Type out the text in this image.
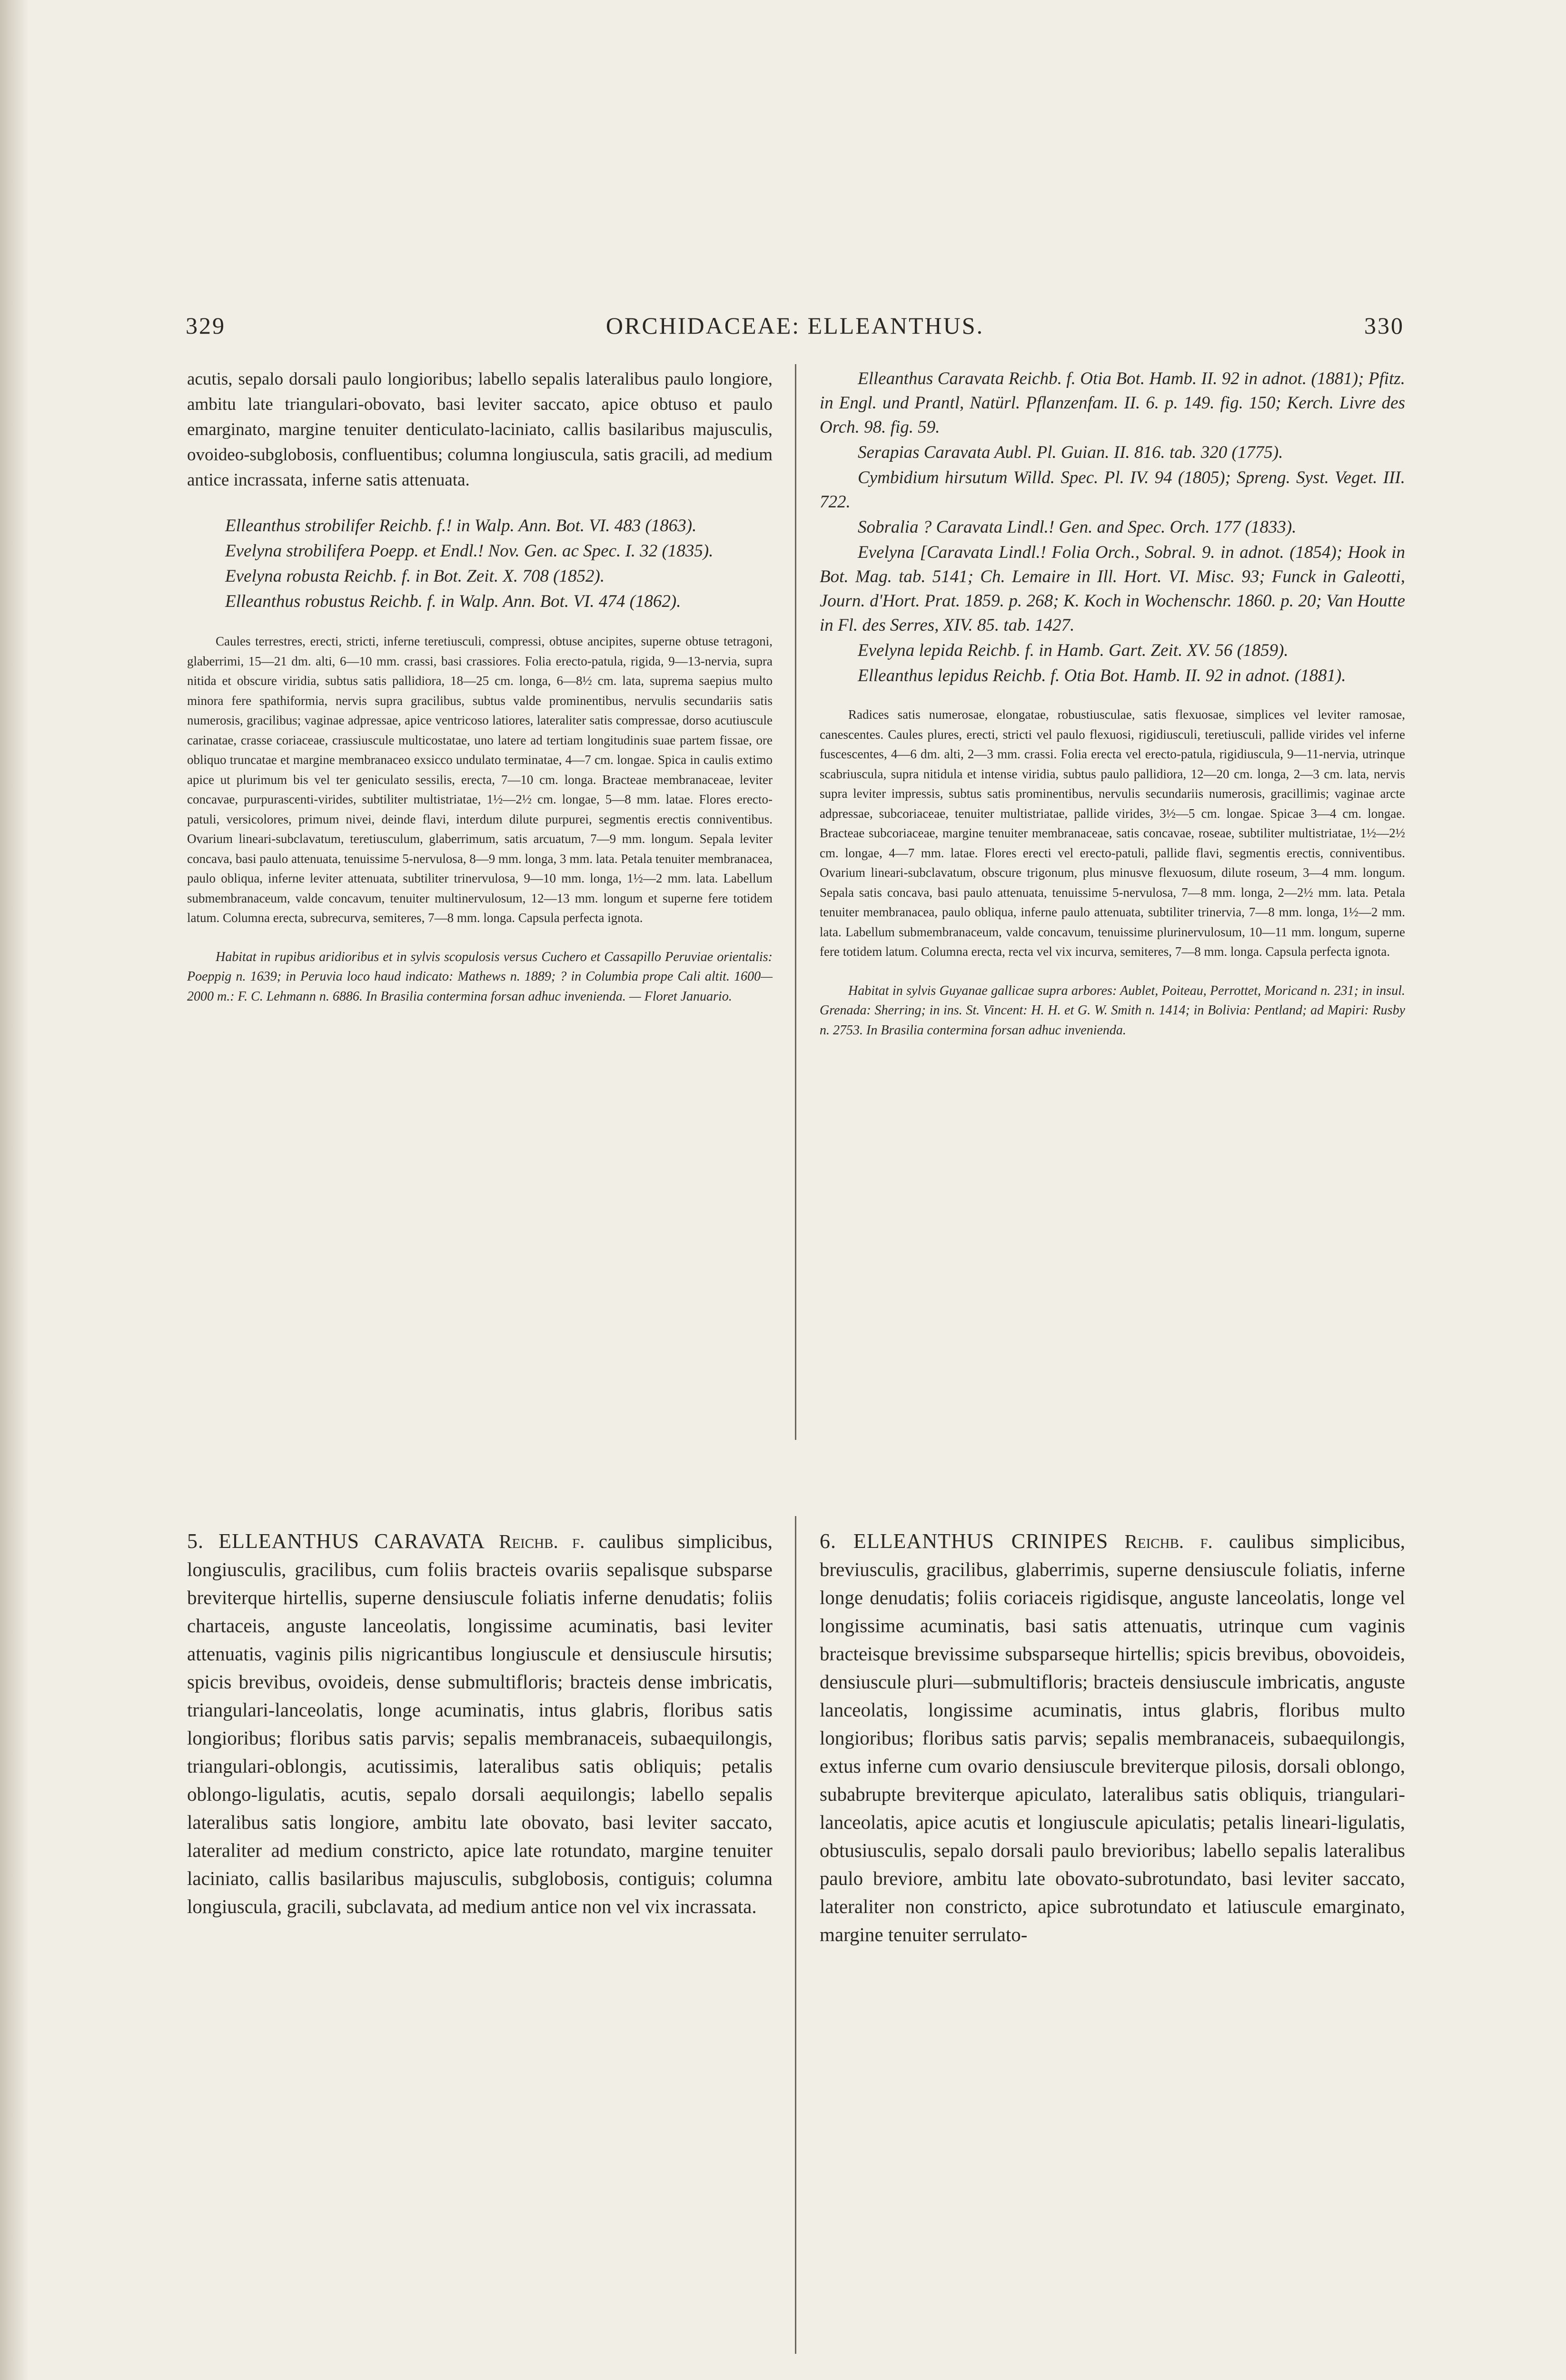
329	ORCHIDACEAE: ELLEANTHUS.	330

acutis, sepalo dorsali paulo longioribus; labello sepalis lateralibus paulo longiore, ambitu late triangulari-obovato, basi leviter saccato, apice obtuso et paulo emarginato, margine tenuiter denticulato-laciniato, callis basilaribus majusculis, ovoideo-subglobosis, confluentibus; columna longiuscula, satis gracili, ad medium antice incrassata, inferne satis attenuata.

Elleanthus strobilifer Reichb. f.! in Walp. Ann. Bot. VI. 483 (1863).

Evelyna strobilifera Poepp. et Endl.! Nov. Gen. ac Spec. I. 32 (1835).

Evelyna robusta Reichb. f. in Bot. Zeit. X. 708 (1852).

Elleanthus robustus Reichb. f. in Walp. Ann. Bot. VI. 474 (1862).

Caules terrestres, erecti, stricti, inferne teretiusculi, compressi, obtuse ancipites, superne obtuse tetragoni, glaberrimi, 15—21 dm. alti, 6—10 mm. crassi, basi crassiores. Folia erecto-patula, rigida, 9—13-nervia, supra nitida et obscure viridia, subtus satis pallidiora, 18—25 cm. longa, 6—8½ cm. lata, suprema saepius multo minora fere spathiformia, nervis supra gracilibus, subtus valde prominentibus, nervulis secundariis satis numerosis, gracilibus; vaginae adpressae, apice ventricoso latiores, lateraliter satis compressae, dorso acutiuscule carinatae, crasse coriaceae, crassiuscule multicostatae, uno latere ad tertiam longitudinis suae partem fissae, ore obliquo truncatae et margine membranaceo exsicco undulato terminatae, 4—7 cm. longae. Spica in caulis extimo apice ut plurimum bis vel ter geniculato sessilis, erecta, 7—10 cm. longa. Bracteae membranaceae, leviter concavae, purpurascenti-virides, subtiliter multistriatae, 1½—2½ cm. longae, 5—8 mm. latae. Flores erecto-patuli, versicolores, primum nivei, deinde flavi, interdum dilute purpurei, segmentis erectis conniventibus. Ovarium lineari-subclavatum, teretiusculum, glaberrimum, satis arcuatum, 7—9 mm. longum. Sepala leviter concava, basi paulo attenuata, tenuissime 5-nervulosa, 8—9 mm. longa, 3 mm. lata. Petala tenuiter membranacea, paulo obliqua, inferne leviter attenuata, subtiliter trinervulosa, 9—10 mm. longa, 1½—2 mm. lata. Labellum submembranaceum, valde concavum, tenuiter multinervulosum, 12—13 mm. longum et superne fere totidem latum. Columna erecta, subrecurva, semiteres, 7—8 mm. longa. Capsula perfecta ignota.

Habitat in rupibus aridioribus et in sylvis scopulosis versus Cuchero et Cassapillo Peruviae orientalis: Poeppig n. 1639; in Peruvia loco haud indicato: Mathews n. 1889; ? in Columbia prope Cali altit. 1600—2000 m.: F. C. Lehmann n. 6886. In Brasilia contermina forsan adhuc invenienda. — Floret Januario.

5. ELLEANTHUS CARAVATA Reichb. f. caulibus simplicibus, longiusculis, gracilibus, cum foliis bracteis ovariis sepalisque subsparse breviterque hirtellis, superne densiuscule foliatis inferne denudatis; foliis chartaceis, anguste lanceolatis, longissime acuminatis, basi leviter attenuatis, vaginis pilis nigricantibus longiuscule et densiuscule hirsutis; spicis brevibus, ovoideis, dense submultifloris; bracteis dense imbricatis, triangulari-lanceolatis, longe acuminatis, intus glabris, floribus satis longioribus; floribus satis parvis; sepalis membranaceis, subaequilongis, triangulari-oblongis, acutissimis, lateralibus satis obliquis; petalis oblongo-ligulatis, acutis, sepalo dorsali aequilongis; labello sepalis lateralibus satis longiore, ambitu late obovato, basi leviter saccato, lateraliter ad medium constricto, apice late rotundato, margine tenuiter laciniato, callis basilaribus majusculis, subglobosis, contiguis; columna longiuscula, gracili, subclavata, ad medium antice non vel vix incrassata.

Elleanthus Caravata Reichb. f. Otia Bot. Hamb. II. 92 in adnot. (1881); Pfitz. in Engl. und Prantl, Natürl. Pflanzenfam. II. 6. p. 149. fig. 150; Kerch. Livre des Orch. 98. fig. 59.

Serapias Caravata Aubl. Pl. Guian. II. 816. tab. 320 (1775).

Cymbidium hirsutum Willd. Spec. Pl. IV. 94 (1805); Spreng. Syst. Veget. III. 722.

Sobralia ? Caravata Lindl.! Gen. and Spec. Orch. 177 (1833).

Evelyna [Caravata Lindl.! Folia Orch., Sobral. 9. in adnot. (1854); Hook in Bot. Mag. tab. 5141; Ch. Lemaire in Ill. Hort. VI. Misc. 93; Funck in Galeotti, Journ. d'Hort. Prat. 1859. p. 268; K. Koch in Wochenschr. 1860. p. 20; Van Houtte in Fl. des Serres, XIV. 85. tab. 1427.

Evelyna lepida Reichb. f. in Hamb. Gart. Zeit. XV. 56 (1859).

Elleanthus lepidus Reichb. f. Otia Bot. Hamb. II. 92 in adnot. (1881).

Radices satis numerosae, elongatae, robustiusculae, satis flexuosae, simplices vel leviter ramosae, canescentes. Caules plures, erecti, stricti vel paulo flexuosi, rigidiusculi, teretiusculi, pallide virides vel inferne fuscescentes, 4—6 dm. alti, 2—3 mm. crassi. Folia erecta vel erecto-patula, rigidiuscula, 9—11-nervia, utrinque scabriuscula, supra nitidula et intense viridia, subtus paulo pallidiora, 12—20 cm. longa, 2—3 cm. lata, nervis supra leviter impressis, subtus satis prominentibus, nervulis secundariis numerosis, gracillimis; vaginae arcte adpressae, subcoriaceae, tenuiter multistriatae, pallide virides, 3½—5 cm. longae. Spicae 3—4 cm. longae. Bracteae subcoriaceae, margine tenuiter membranaceae, satis concavae, roseae, subtiliter multistriatae, 1½—2½ cm. longae, 4—7 mm. latae. Flores erecti vel erecto-patuli, pallide flavi, segmentis erectis, conniventibus. Ovarium lineari-subclavatum, obscure trigonum, plus minusve flexuosum, dilute roseum, 3—4 mm. longum. Sepala satis concava, basi paulo attenuata, tenuissime 5-nervulosa, 7—8 mm. longa, 2—2½ mm. lata. Petala tenuiter membranacea, paulo obliqua, inferne paulo attenuata, subtiliter trinervia, 7—8 mm. longa, 1½—2 mm. lata. Labellum submembranaceum, valde concavum, tenuissime plurinervulosum, 10—11 mm. longum, superne fere totidem latum. Columna erecta, recta vel vix incurva, semiteres, 7—8 mm. longa. Capsula perfecta ignota.

Habitat in sylvis Guyanae gallicae supra arbores: Aublet, Poiteau, Perrottet, Moricand n. 231; in insul. Grenada: Sherring; in ins. St. Vincent: H. H. et G. W. Smith n. 1414; in Bolivia: Pentland; ad Mapiri: Rusby n. 2753. In Brasilia contermina forsan adhuc invenienda.

6. ELLEANTHUS CRINIPES Reichb. f. caulibus simplicibus, breviusculis, gracilibus, glaberrimis, superne densiuscule foliatis, inferne longe denudatis; foliis coriaceis rigidisque, anguste lanceolatis, longe vel longissime acuminatis, basi satis attenuatis, utrinque cum vaginis bracteisque brevissime subsparseque hirtellis; spicis brevibus, obovoideis, densiuscule pluri—submultifloris; bracteis densiuscule imbricatis, anguste lanceolatis, longissime acuminatis, intus glabris, floribus multo longioribus; floribus satis parvis; sepalis membranaceis, subaequilongis, extus inferne cum ovario densiuscule breviterque pilosis, dorsali oblongo, subabrupte breviterque apiculato, lateralibus satis obliquis, triangulari-lanceolatis, apice acutis et longiuscule apiculatis; petalis lineari-ligulatis, obtusiusculis, sepalo dorsali paulo brevioribus; labello sepalis lateralibus paulo breviore, ambitu late obovato-subrotundato, basi leviter saccato, lateraliter non constricto, apice subrotundato et latiuscule emarginato, margine tenuiter serrulato-
